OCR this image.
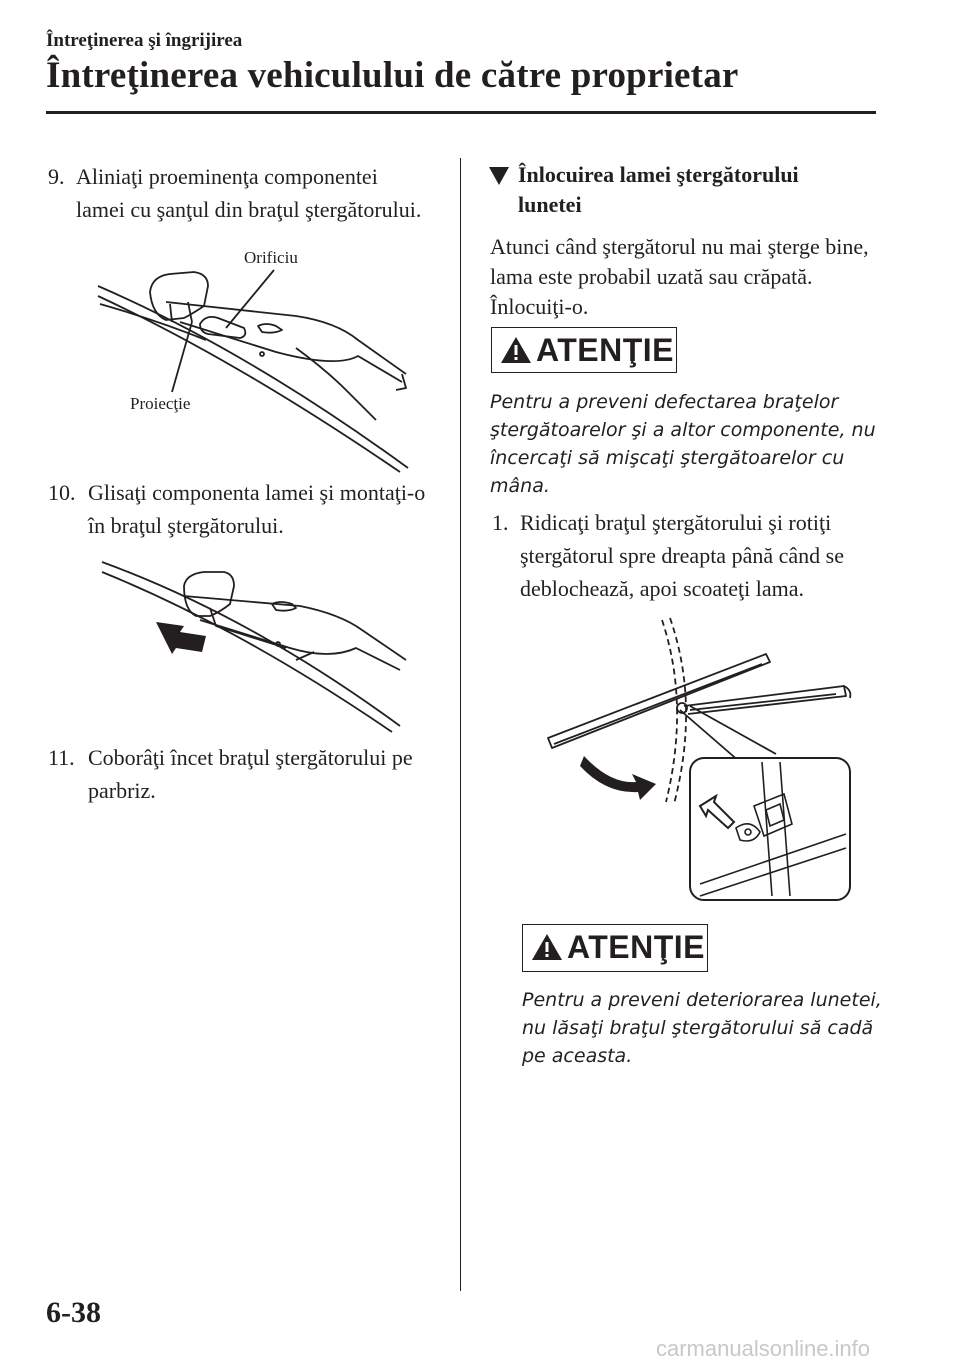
Întreţinerea şi îngrijirea
Întreţinerea vehiculului de către proprietar
9. Aliniaţi proeminenţa componentei
lamei cu şanţul din braţul ştergătorului.
Orificiu
Proiecţie
10. Glisaţi componenta lamei şi montaţi-o
în braţul ştergătorului.
11. Coborâţi încet braţul ştergătorului pe
parbriz.
Înlocuirea lamei ştergătorului
lunetei
Atunci când ştergătorul nu mai şterge bine,
lama este probabil uzată sau crăpată.
Înlocuiţi-o.
ATENŢIE
Pentru a preveni defectarea braţelor
ştergătoarelor şi a altor componente, nu
încercaţi să mişcaţi ştergătoarelor cu
mâna.
1. Ridicaţi braţul ştergătorului şi rotiţi
ştergătorul spre dreapta până când se
deblochează, apoi scoateţi lama.
ATENŢIE
Pentru a preveni deteriorarea lunetei,
nu lăsaţi braţul ştergătorului să cadă
pe aceasta.
6-38
carmanualsonline.info
